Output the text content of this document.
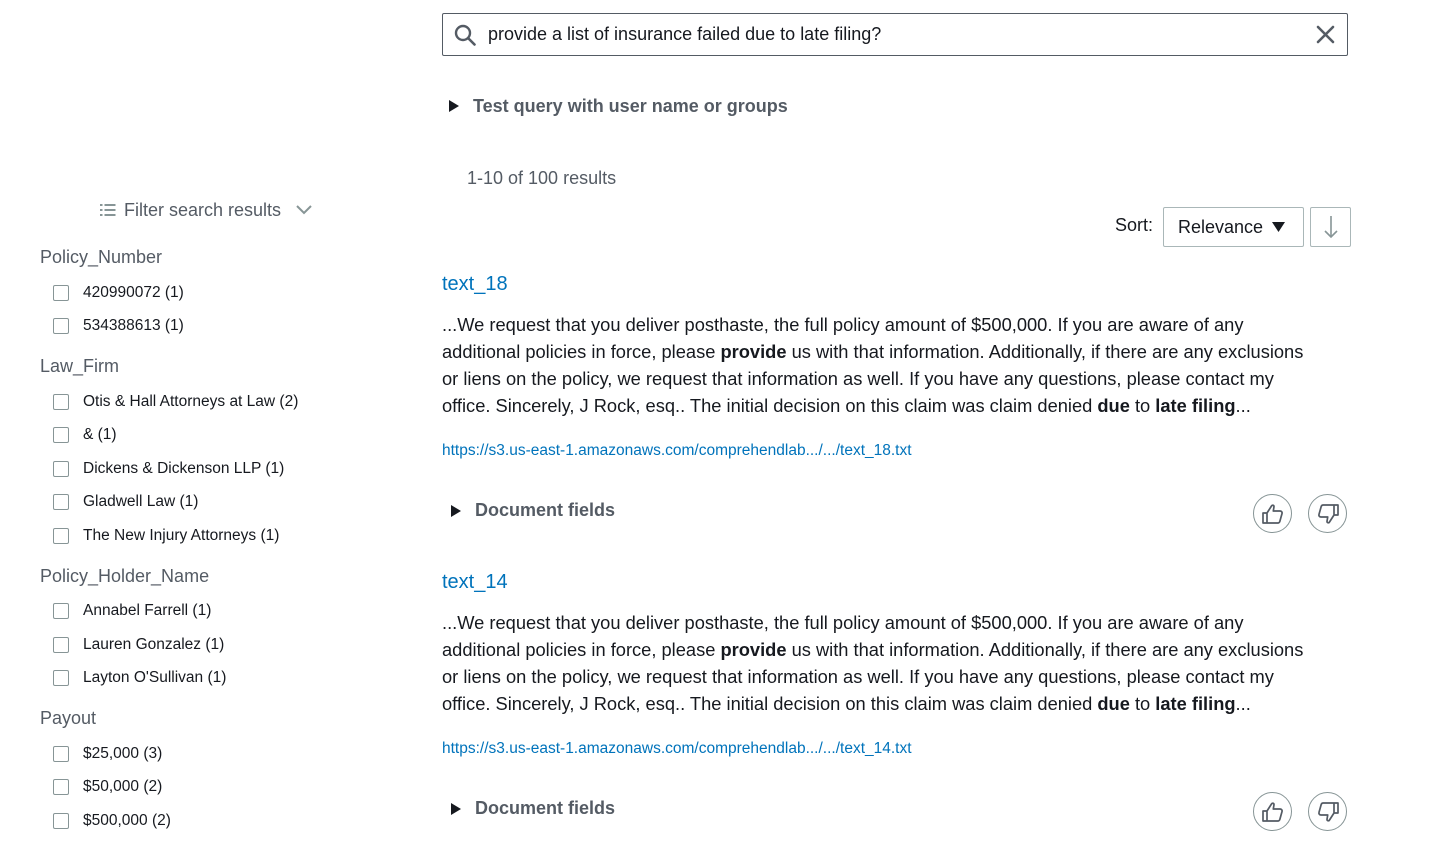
provide a list of insurance failed due to late filing?
Test query with user name or groups
1-10 of 100 results
Filter search results
Policy_Number
420990072 (1)
534388613 (1)
Law_Firm
Otis & Hall Attorneys at Law (2)
& (1)
Dickens & Dickenson LLP (1)
Gladwell Law (1)
The New Injury Attorneys (1)
Policy_Holder_Name
Annabel Farrell (1)
Lauren Gonzalez (1)
Layton O'Sullivan (1)
Payout
$25,000 (3)
$50,000 (2)
$500,000 (2)
Sort: Relevance
text_18
...We request that you deliver posthaste, the full policy amount of $500,000. If you are aware of any additional policies in force, please provide us with that information. Additionally, if there are any exclusions or liens on the policy, we request that information as well. If you have any questions, please contact my office. Sincerely, J Rock, esq.. The initial decision on this claim was claim denied due to late filing...
https://s3.us-east-1.amazonaws.com/comprehendlab.../.../text_18.txt
Document fields
text_14
...We request that you deliver posthaste, the full policy amount of $500,000. If you are aware of any additional policies in force, please provide us with that information. Additionally, if there are any exclusions or liens on the policy, we request that information as well. If you have any questions, please contact my office. Sincerely, J Rock, esq.. The initial decision on this claim was claim denied due to late filing...
https://s3.us-east-1.amazonaws.com/comprehendlab.../.../text_14.txt
Document fields
